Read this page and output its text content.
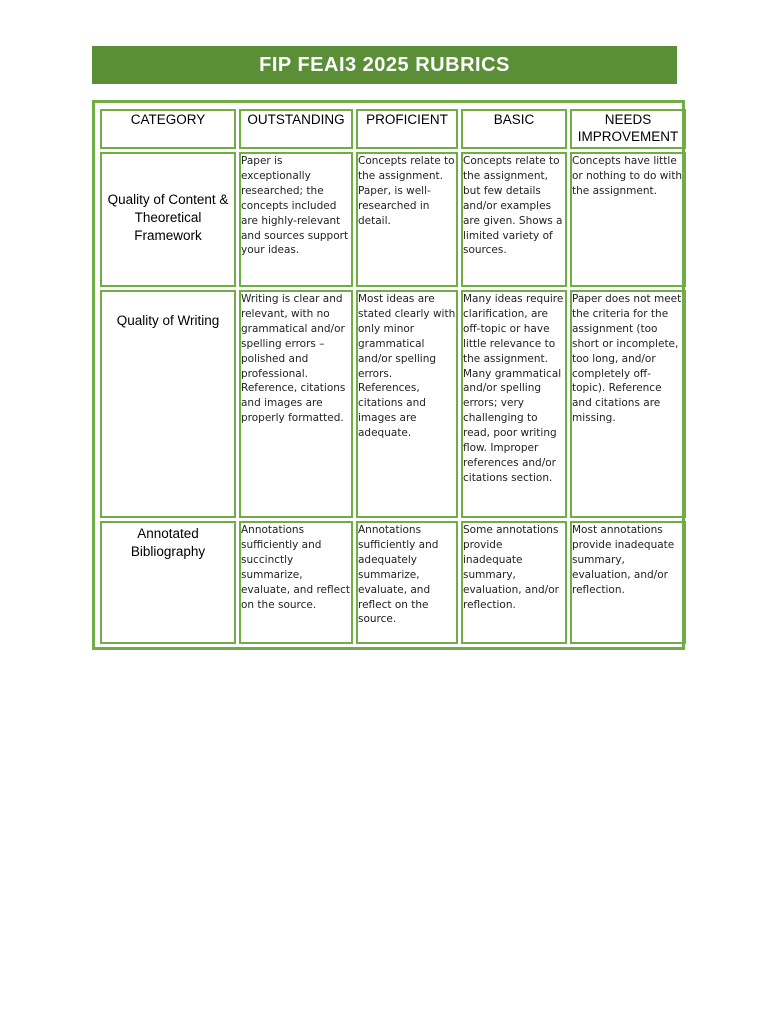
FIP FEAI3 2025 RUBRICS
CATEGORY	OUTSTANDING	PROFICIENT	BASIC	NEEDS IMPROVEMENT
Quality of Content & Theoretical Framework	Paper is exceptionally researched; the concepts included are highly-relevant and sources support your ideas.	Concepts relate to the assignment. Paper, is well-researched in detail.	Concepts relate to the assignment, but few details and/or examples are given. Shows a limited variety of sources.	Concepts have little or nothing to do with the assignment.
Quality of Writing	Writing is clear and relevant, with no grammatical and/or spelling errors – polished and professional. Reference, citations and images are properly formatted.	Most ideas are stated clearly with only minor grammatical and/or spelling errors. References, citations and images are adequate.	Many ideas require clarification, are off-topic or have little relevance to the assignment. Many grammatical and/or spelling errors; very challenging to read, poor writing flow. Improper references and/or citations section.	Paper does not meet the criteria for the assignment (too short or incomplete, too long, and/or completely off-topic). Reference and citations are missing.
Annotated Bibliography	Annotations sufficiently and succinctly summarize, evaluate, and reflect on the source.	Annotations sufficiently and adequately summarize, evaluate, and reflect on the source.	Some annotations provide inadequate summary, evaluation, and/or reflection.	Most annotations provide inadequate summary, evaluation, and/or reflection.
